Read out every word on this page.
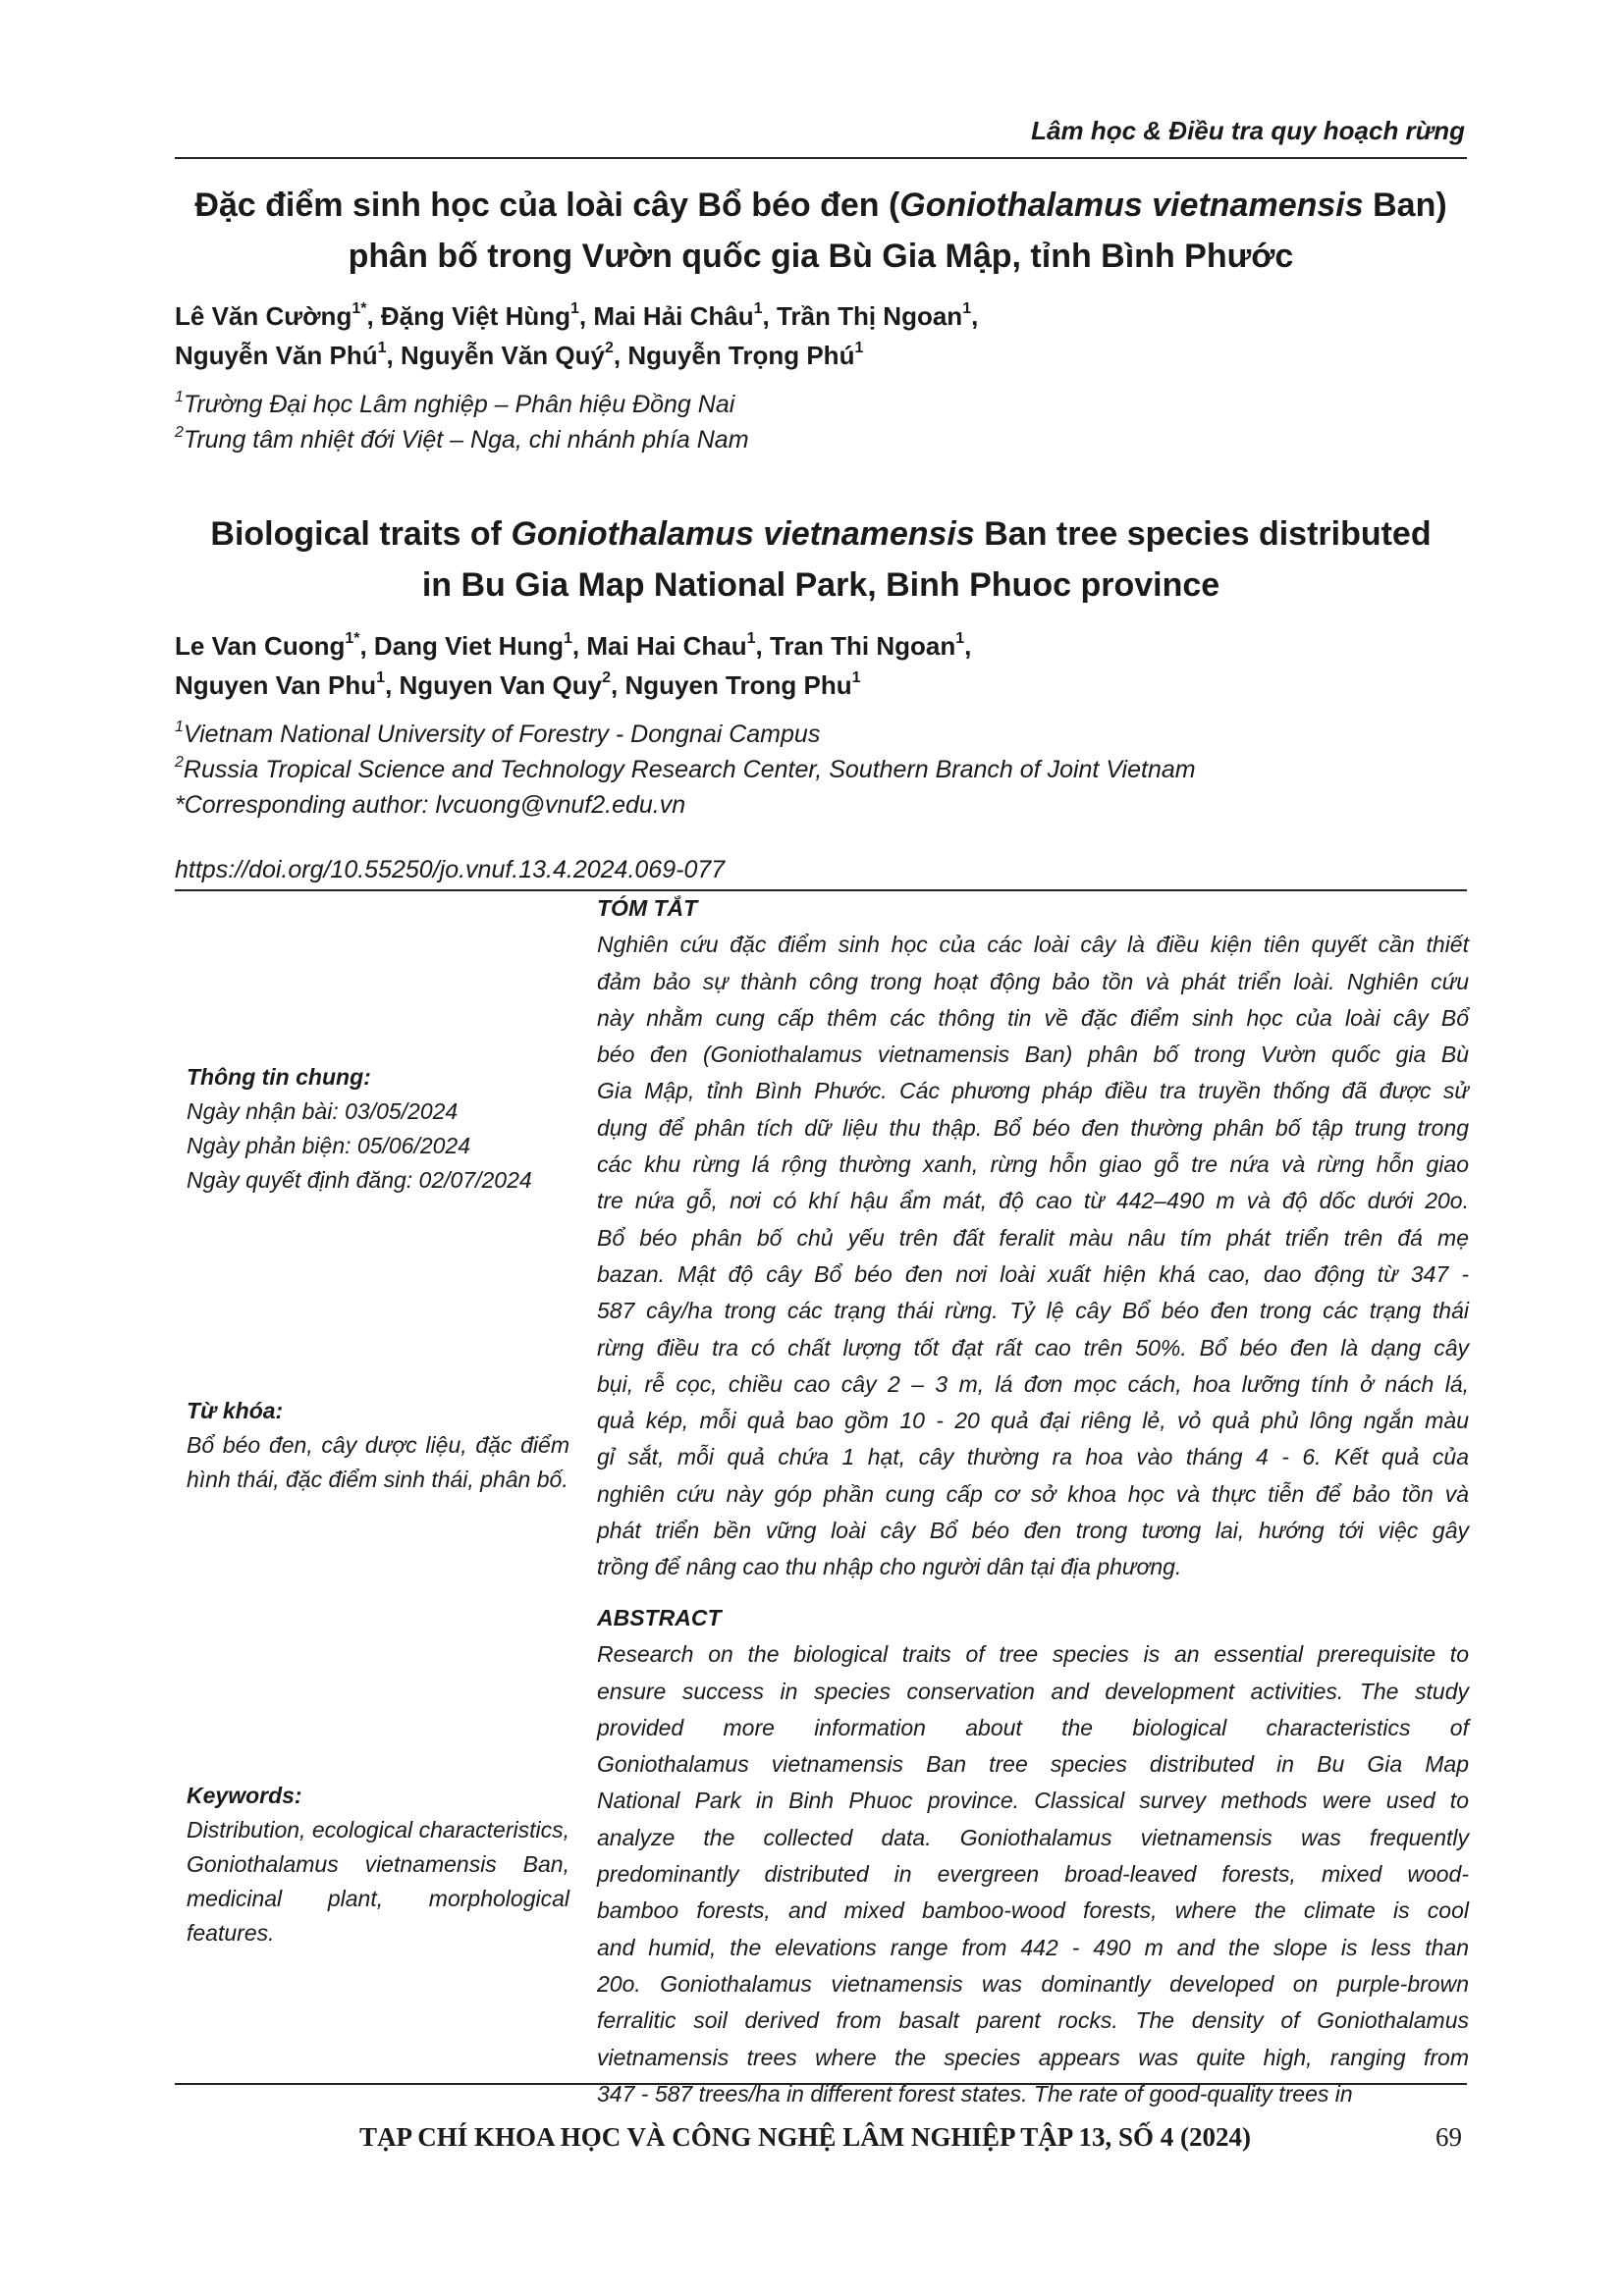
Lâm học & Điều tra quy hoạch rừng
Đặc điểm sinh học của loài cây Bổ béo đen (Goniothalamus vietnamensis Ban)
phân bố trong Vườn quốc gia Bù Gia Mập, tỉnh Bình Phước
Lê Văn Cường$^{1*}$, Đặng Việt Hùng$^1$, Mai Hải Châu$^1$, Trần Thị Ngoan$^1$,
Nguyễn Văn Phú$^1$, Nguyễn Văn Quý$^2$, Nguyễn Trọng Phú$^1$
$^1$Trường Đại học Lâm nghiệp – Phân hiệu Đồng Nai
$^2$Trung tâm nhiệt đới Việt – Nga, chi nhánh phía Nam
Biological traits of Goniothalamus vietnamensis Ban tree species distributed
in Bu Gia Map National Park, Binh Phuoc province
Le Van Cuong$^{1*}$, Dang Viet Hung$^1$, Mai Hai Chau$^1$, Tran Thi Ngoan$^1$,
Nguyen Van Phu$^1$, Nguyen Van Quy$^2$, Nguyen Trong Phu$^1$
$^1$Vietnam National University of Forestry - Dongnai Campus
$^2$Russia Tropical Science and Technology Research Center, Southern Branch of Joint Vietnam
*Corresponding author: lvcuong@vnuf2.edu.vn
https://doi.org/10.55250/jo.vnuf.13.4.2024.069-077
Thông tin chung:
Ngày nhận bài: 03/05/2024
Ngày phản biện: 05/06/2024
Ngày quyết định đăng: 02/07/2024
Từ khóa:
Bổ béo đen, cây dược liệu, đặc điểm hình thái, đặc điểm sinh thái, phân bố.
Keywords:
Distribution, ecological characteristics, Goniothalamus vietnamensis Ban, medicinal plant, morphological features.
TÓM TẮT
Nghiên cứu đặc điểm sinh học của các loài cây là điều kiện tiên quyết cần thiết
đảm bảo sự thành công trong hoạt động bảo tồn và phát triển loài. Nghiên cứu
này nhằm cung cấp thêm các thông tin về đặc điểm sinh học của loài cây Bổ
béo đen (Goniothalamus vietnamensis Ban) phân bố trong Vườn quốc gia Bù
Gia Mập, tỉnh Bình Phước. Các phương pháp điều tra truyền thống đã được sử
dụng để phân tích dữ liệu thu thập. Bổ béo đen thường phân bố tập trung trong
các khu rừng lá rộng thường xanh, rừng hỗn giao gỗ tre nứa và rừng hỗn giao
tre nứa gỗ, nơi có khí hậu ẩm mát, độ cao từ 442–490 m và độ dốc dưới 20o.
Bổ béo phân bố chủ yếu trên đất feralit màu nâu tím phát triển trên đá mẹ
bazan. Mật độ cây Bổ béo đen nơi loài xuất hiện khá cao, dao động từ 347 -
587 cây/ha trong các trạng thái rừng. Tỷ lệ cây Bổ béo đen trong các trạng thái
rừng điều tra có chất lượng tốt đạt rất cao trên 50%. Bổ béo đen là dạng cây
bụi, rễ cọc, chiều cao cây 2 – 3 m, lá đơn mọc cách, hoa lưỡng tính ở nách lá,
quả kép, mỗi quả bao gồm 10 - 20 quả đại riêng lẻ, vỏ quả phủ lông ngắn màu
gỉ sắt, mỗi quả chứa 1 hạt, cây thường ra hoa vào tháng 4 - 6. Kết quả của
nghiên cứu này góp phần cung cấp cơ sở khoa học và thực tiễn để bảo tồn và
phát triển bền vững loài cây Bổ béo đen trong tương lai, hướng tới việc gây
trồng để nâng cao thu nhập cho người dân tại địa phương.
ABSTRACT
Research on the biological traits of tree species is an essential prerequisite to
ensure success in species conservation and development activities. The study
provided more information about the biological characteristics of
Goniothalamus vietnamensis Ban tree species distributed in Bu Gia Map
National Park in Binh Phuoc province. Classical survey methods were used to
analyze the collected data. Goniothalamus vietnamensis was frequently
predominantly distributed in evergreen broad-leaved forests, mixed wood-
bamboo forests, and mixed bamboo-wood forests, where the climate is cool
and humid, the elevations range from 442 - 490 m and the slope is less than
20o. Goniothalamus vietnamensis was dominantly developed on purple-brown
ferralitic soil derived from basalt parent rocks. The density of Goniothalamus
vietnamensis trees where the species appears was quite high, ranging from
347 - 587 trees/ha in different forest states. The rate of good-quality trees in
TẠP CHÍ KHOA HỌC VÀ CÔNG NGHỆ LÂM NGHIỆP TẬP 13, SỐ 4 (2024)	69
